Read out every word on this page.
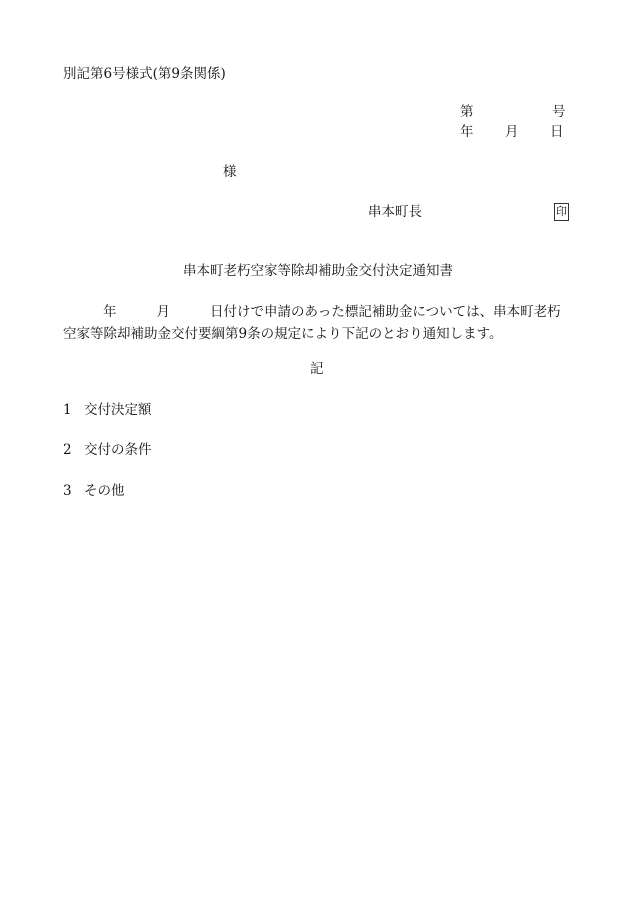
別記第6号様式(第9条関係)
第	号
年 月 日
様
串本町長	印
串本町老朽空家等除却補助金交付決定通知書
年	月	日付けで申請のあった標記補助金については、串本町老朽空家等除却補助金交付要綱第9条の規定により下記のとおり通知します。
記
1 交付決定額
2 交付の条件
3 その他
